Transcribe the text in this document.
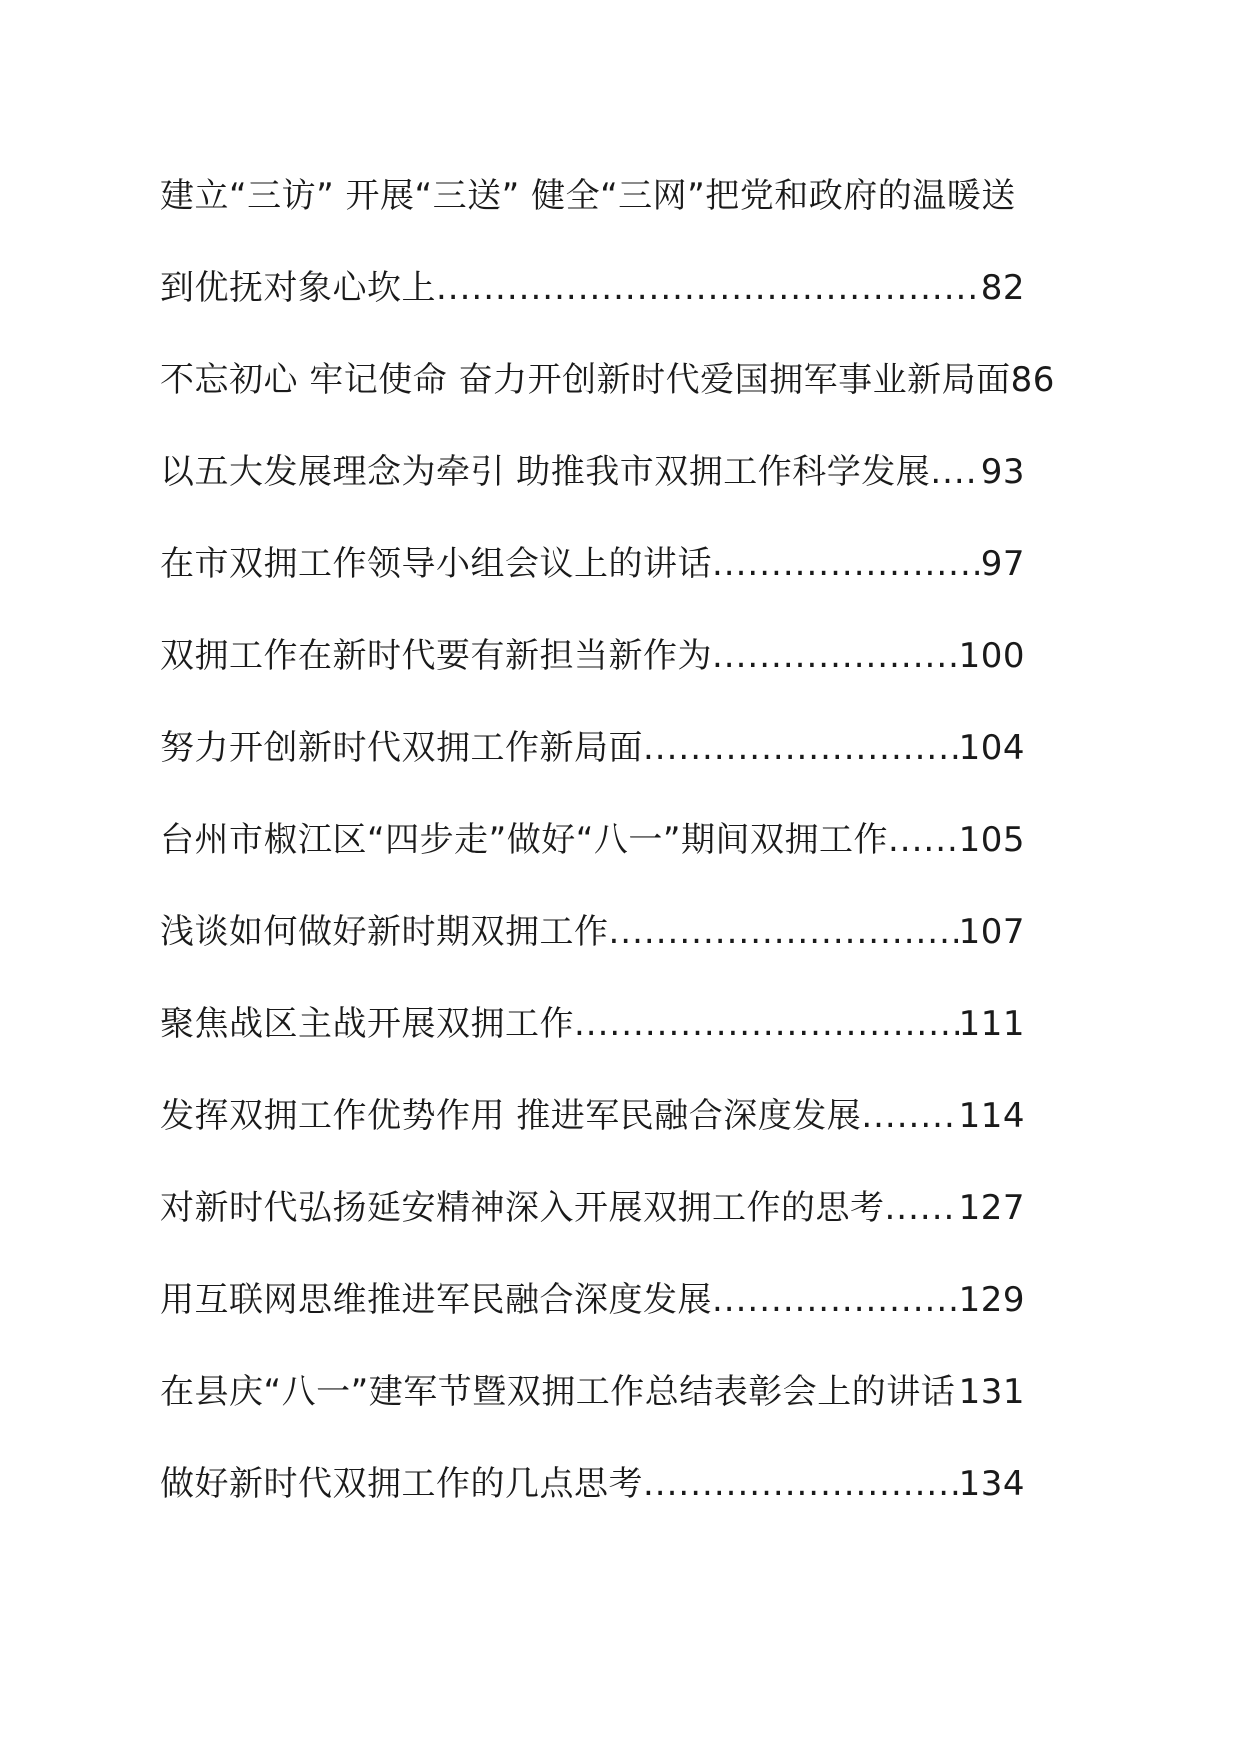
建立“三访” 开展“三送” 健全“三网”把党和政府的温暖送
到优抚对象心坎上 .....	82
不忘初心 牢记使命 奋力开创新时代爱国拥军事业新局面 86
以五大发展理念为牵引 助推我市双拥工作科学发展 ..... 93
在市双拥工作领导小组会议上的讲话 .....	97
双拥工作在新时代要有新担当新作为 .....	100
努力开创新时代双拥工作新局面 .....	104
台州市椒江区“四步走”做好“八一”期间双拥工作 ..... 105
浅谈如何做好新时期双拥工作 .....	107
聚焦战区主战开展双拥工作 .....	111
发挥双拥工作优势作用 推进军民融合深度发展 .....	114
对新时代弘扬延安精神深入开展双拥工作的思考 ..... 127
用互联网思维推进军民融合深度发展 .....	129
在县庆“八一”建军节暨双拥工作总结表彰会上的讲话 131
做好新时代双拥工作的几点思考 .....	134
